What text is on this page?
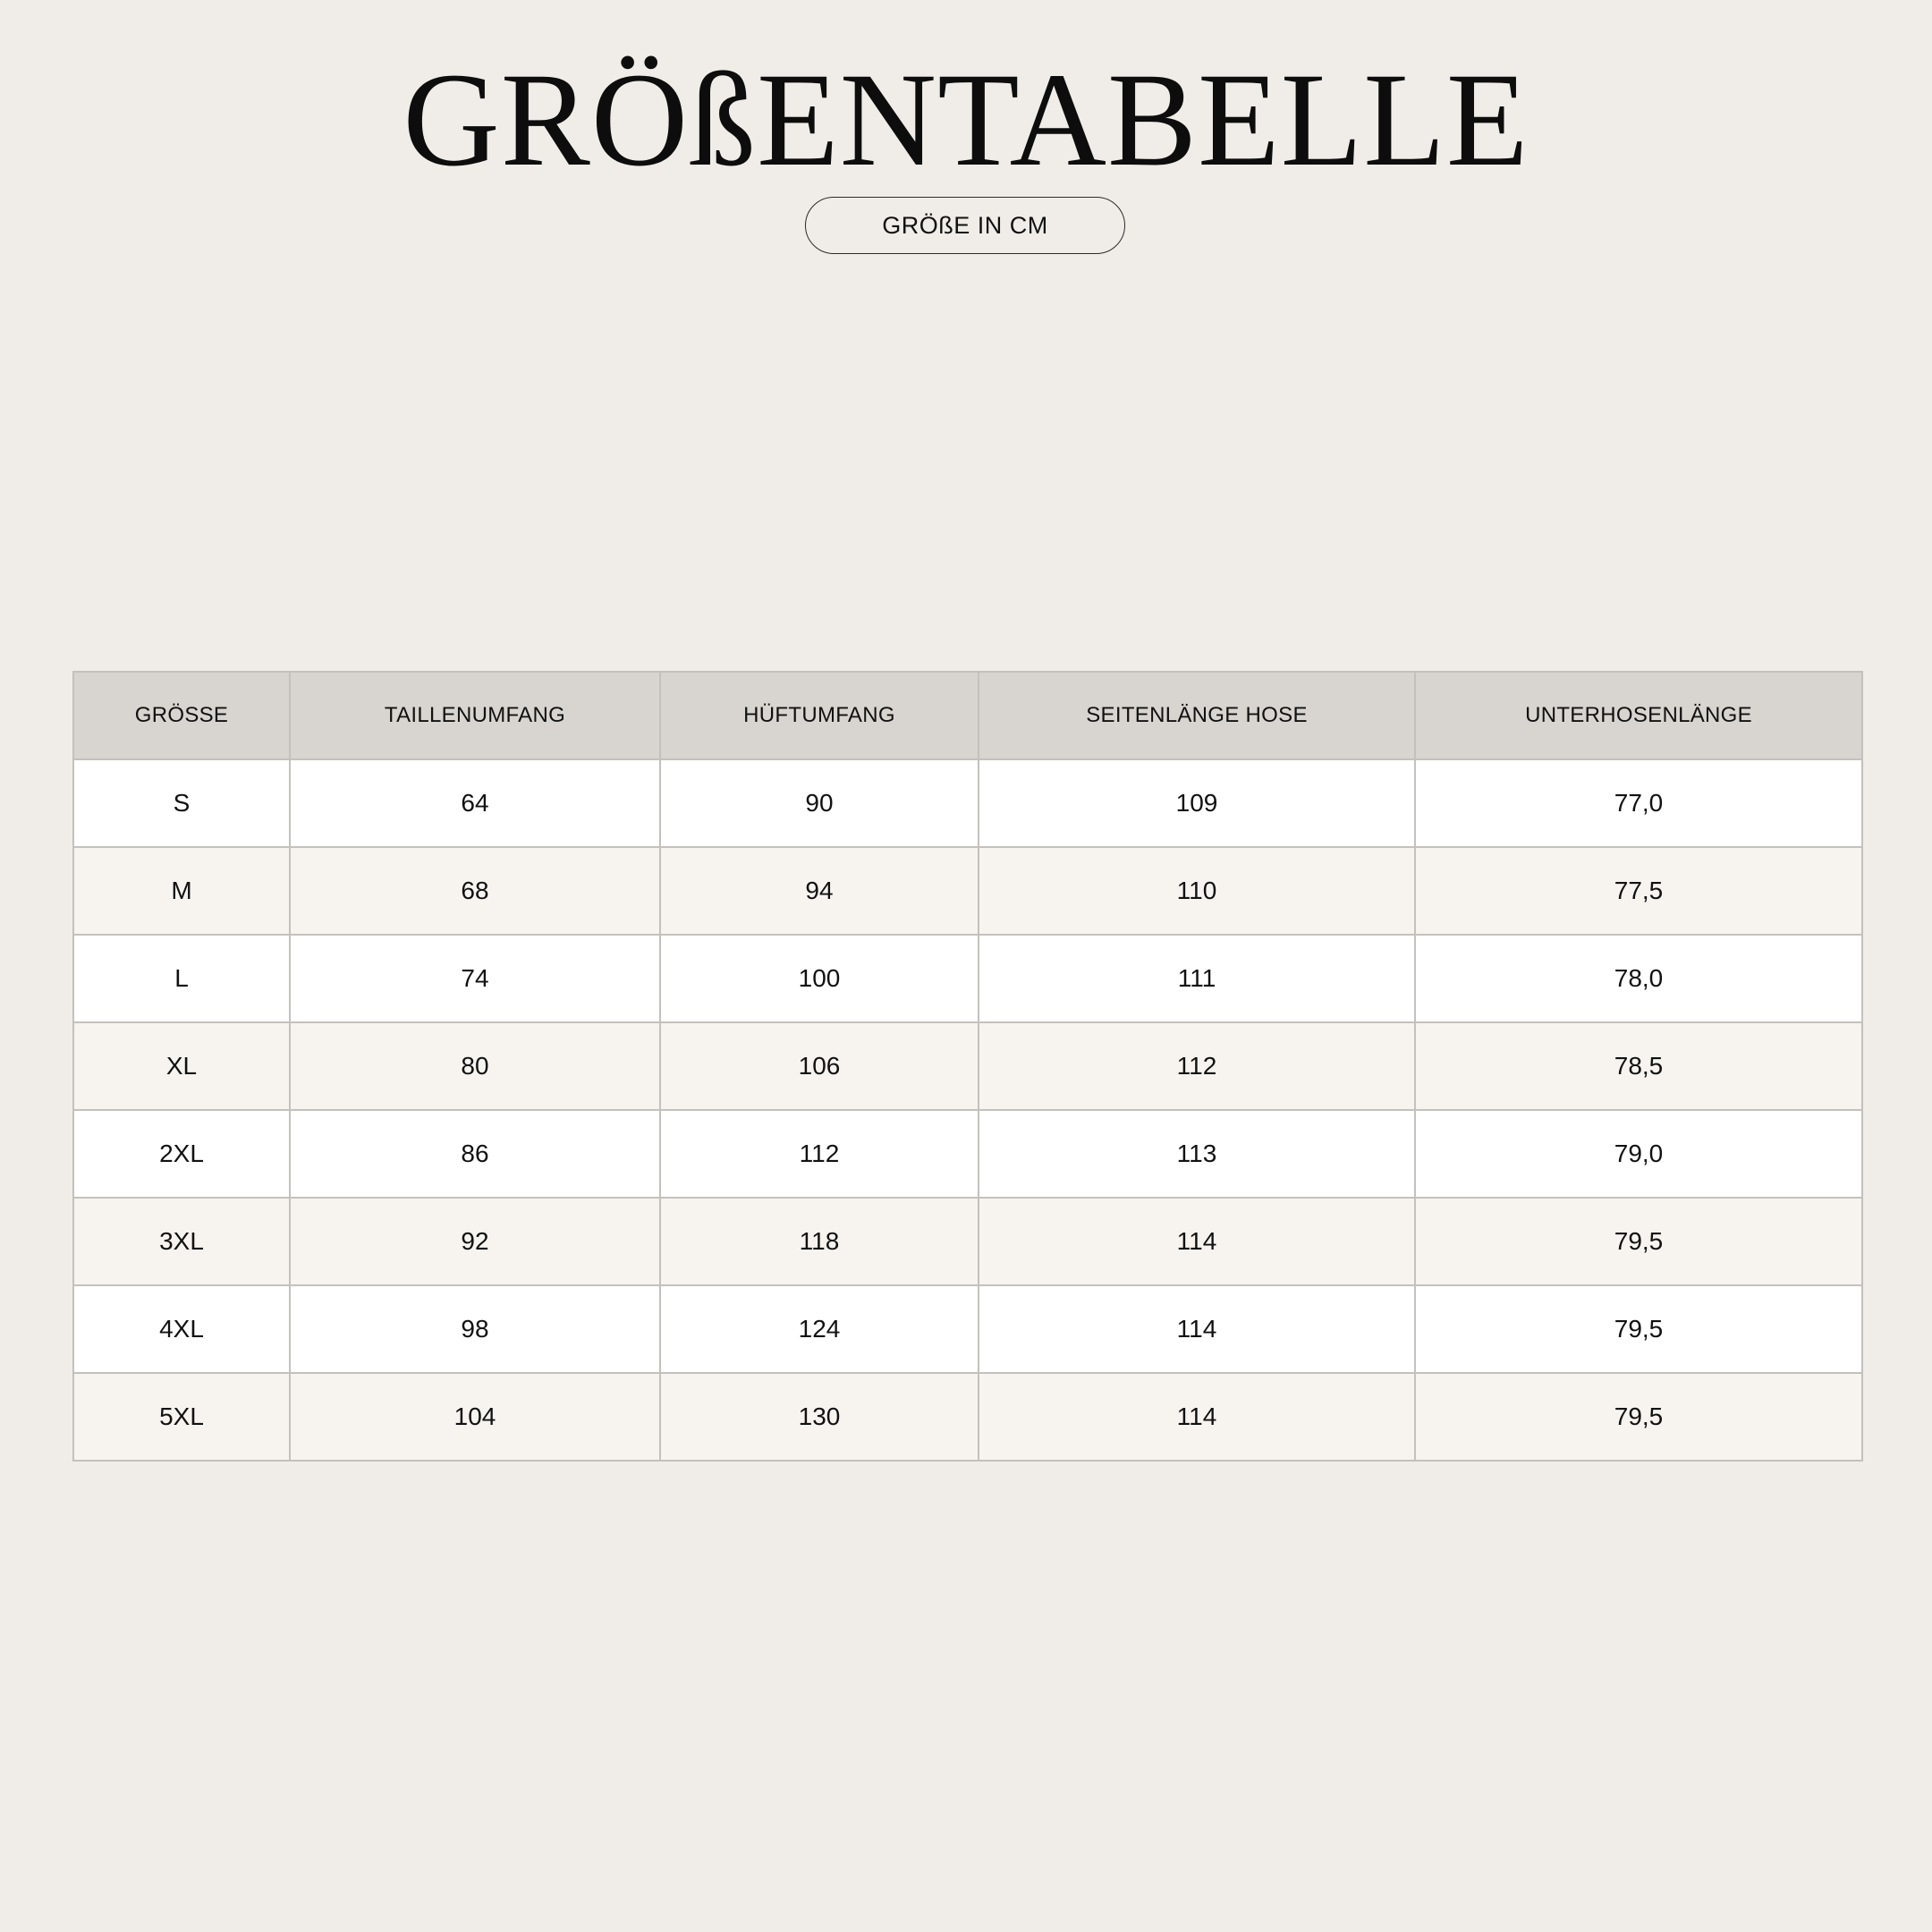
GRÖßENTABELLE
GRÖßE IN CM
GRÖSSE	TAILLENUMFANG	HÜFTUMFANG	SEITENLÄNGE HOSE	UNTERHOSENLÄNGE
S	64	90	109	77,0
M	68	94	110	77,5
L	74	100	111	78,0
XL	80	106	112	78,5
2XL	86	112	113	79,0
3XL	92	118	114	79,5
4XL	98	124	114	79,5
5XL	104	130	114	79,5
